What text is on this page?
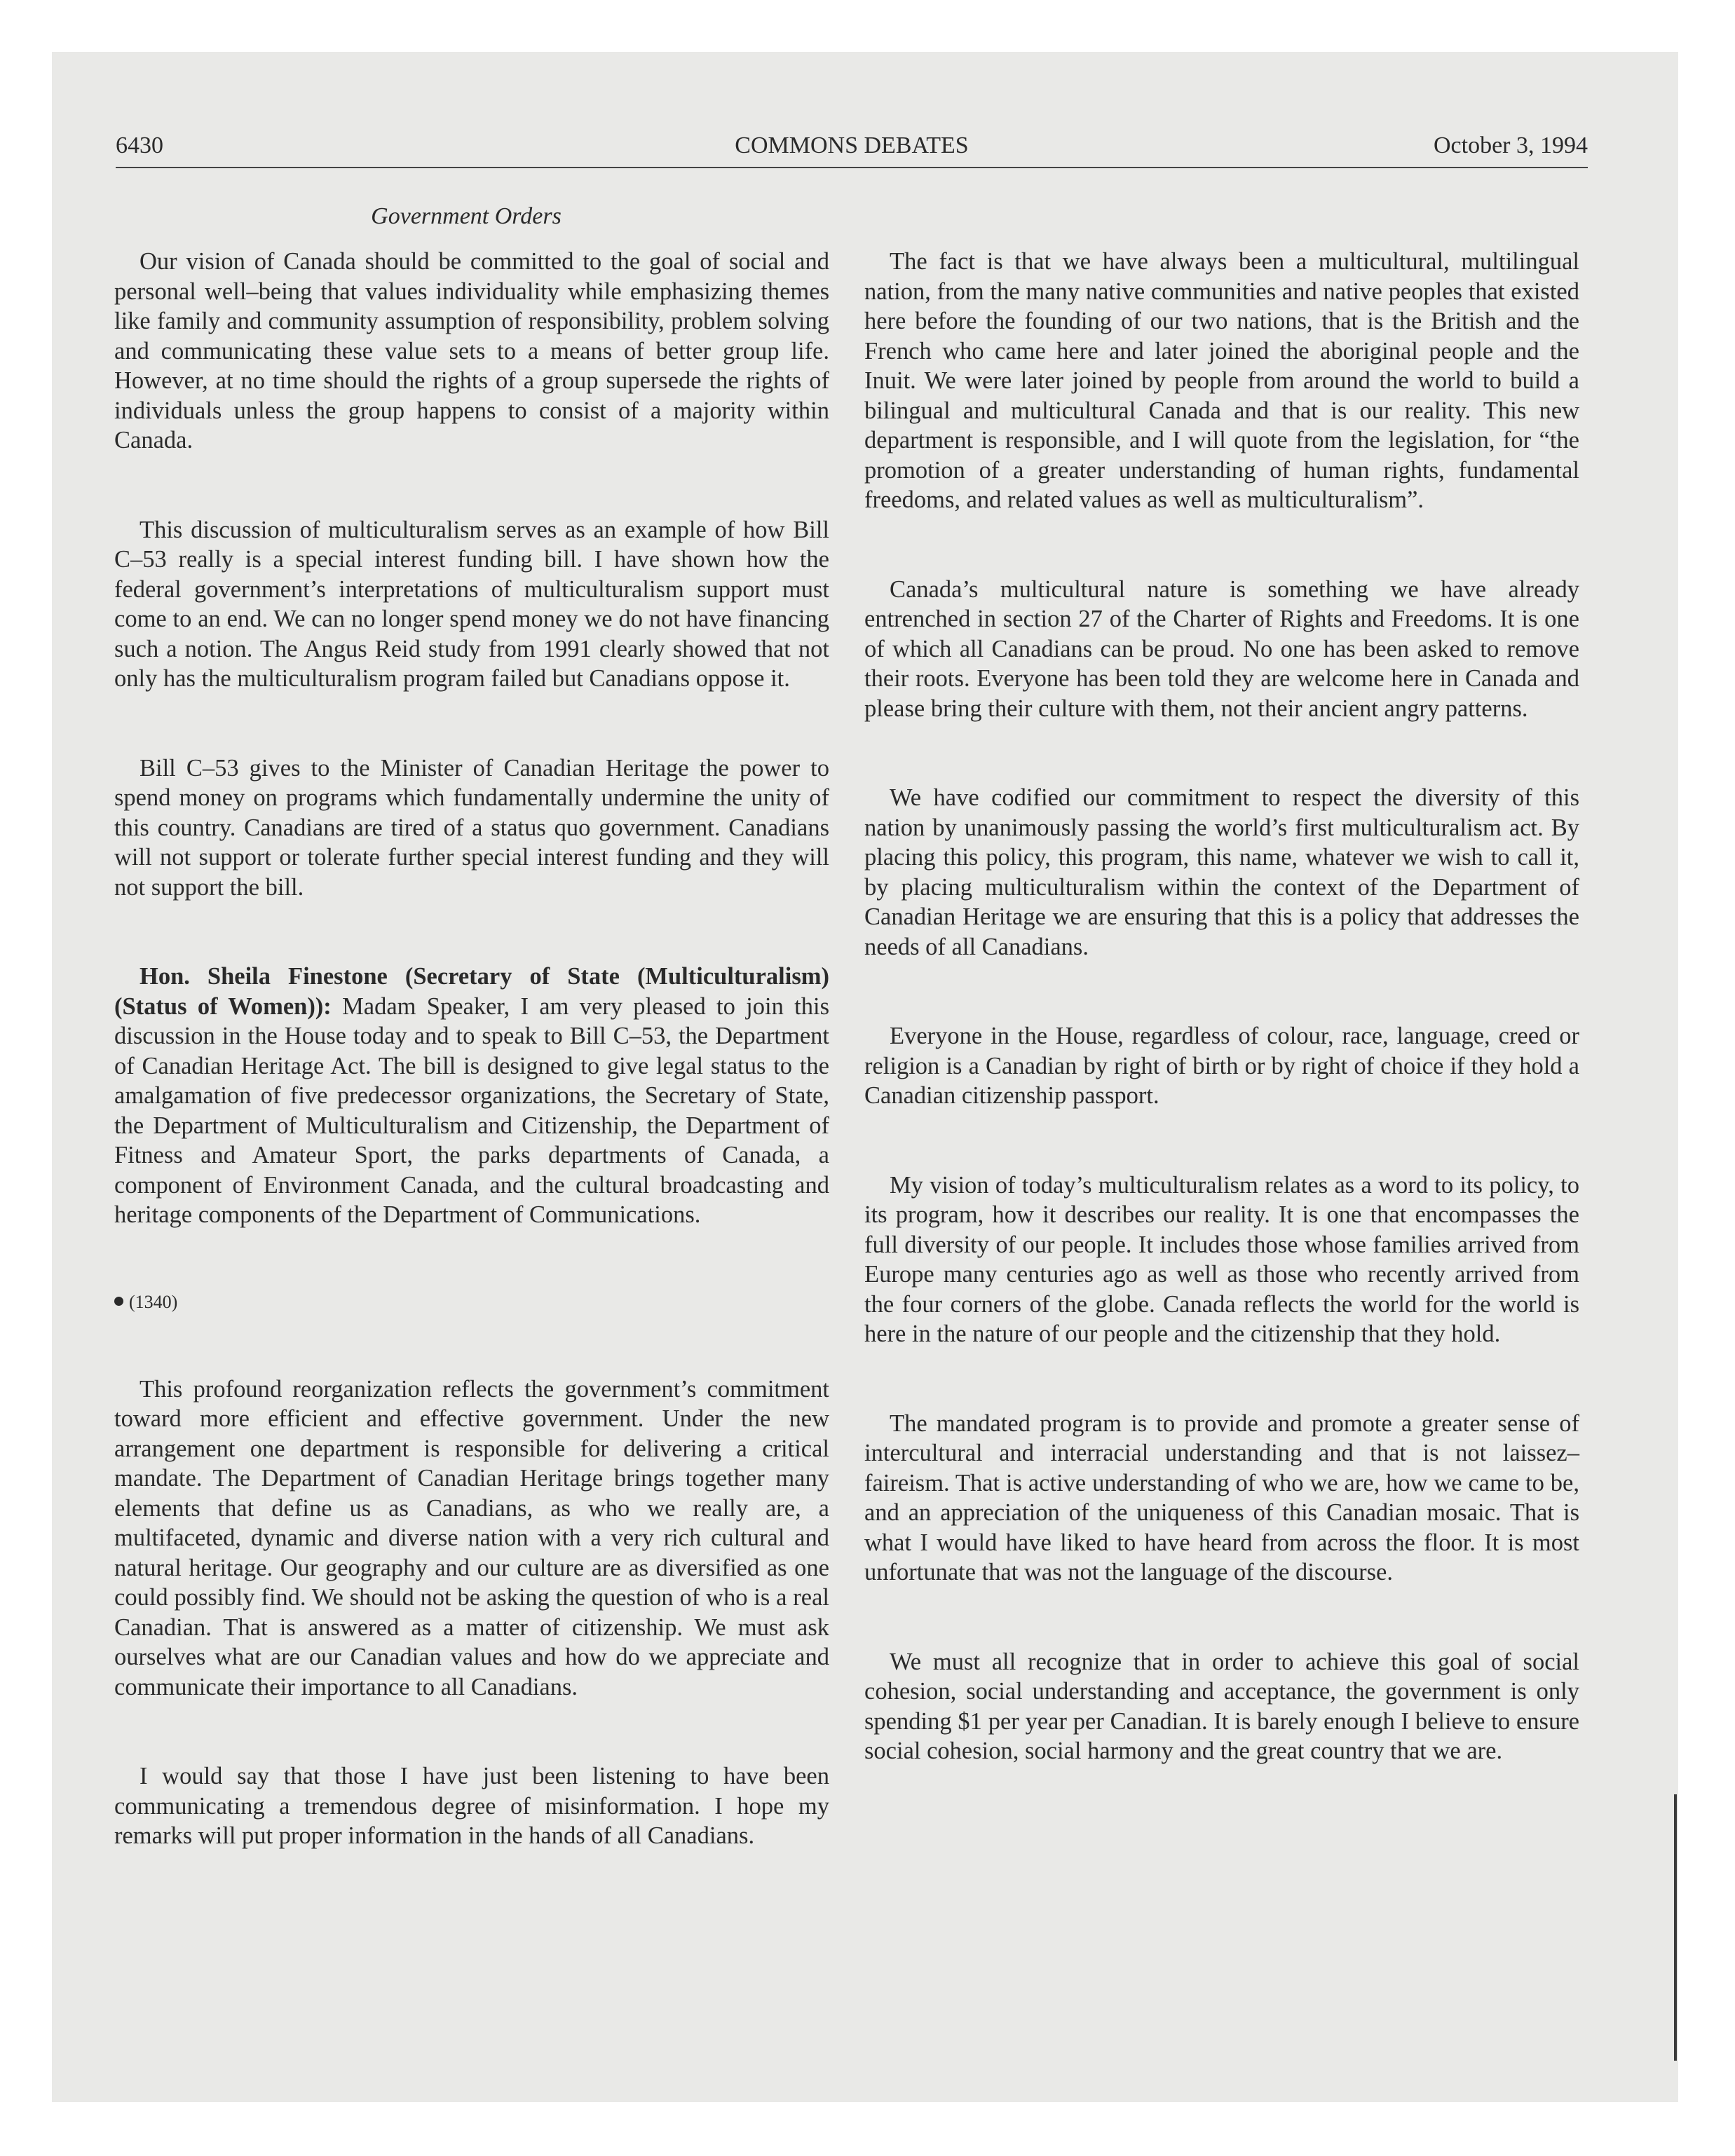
6430	COMMONS DEBATES	October 3, 1994
Government Orders

Our vision of Canada should be committed to the goal of social and personal well–being that values individuality while emphasizing themes like family and community assumption of responsibility, problem solving and communicating these value sets to a means of better group life. However, at no time should the rights of a group supersede the rights of individuals unless the group happens to consist of a majority within Canada.

This discussion of multiculturalism serves as an example of how Bill C–53 really is a special interest funding bill. I have shown how the federal government’s interpretations of multiculturalism support must come to an end. We can no longer spend money we do not have financing such a notion. The Angus Reid study from 1991 clearly showed that not only has the multiculturalism program failed but Canadians oppose it.

Bill C–53 gives to the Minister of Canadian Heritage the power to spend money on programs which fundamentally undermine the unity of this country. Canadians are tired of a status quo government. Canadians will not support or tolerate further special interest funding and they will not support the bill.

Hon. Sheila Finestone (Secretary of State (Multiculturalism) (Status of Women)): Madam Speaker, I am very pleased to join this discussion in the House today and to speak to Bill C–53, the Department of Canadian Heritage Act. The bill is designed to give legal status to the amalgamation of five predecessor organizations, the Secretary of State, the Department of Multiculturalism and Citizenship, the Department of Fitness and Amateur Sport, the parks departments of Canada, a component of Environment Canada, and the cultural broadcasting and heritage components of the Department of Communications.

(1340)

This profound reorganization reflects the government’s commitment toward more efficient and effective government. Under the new arrangement one department is responsible for delivering a critical mandate. The Department of Canadian Heritage brings together many elements that define us as Canadians, as who we really are, a multifaceted, dynamic and diverse nation with a very rich cultural and natural heritage. Our geography and our culture are as diversified as one could possibly find. We should not be asking the question of who is a real Canadian. That is answered as a matter of citizenship. We must ask ourselves what are our Canadian values and how do we appreciate and communicate their importance to all Canadians.

I would say that those I have just been listening to have been communicating a tremendous degree of misinformation. I hope my remarks will put proper information in the hands of all Canadians.

The fact is that we have always been a multicultural, multilingual nation, from the many native communities and native peoples that existed here before the founding of our two nations, that is the British and the French who came here and later joined the aboriginal people and the Inuit. We were later joined by people from around the world to build a bilingual and multicultural Canada and that is our reality. This new department is responsible, and I will quote from the legislation, for “the promotion of a greater understanding of human rights, fundamental freedoms, and related values as well as multiculturalism”.

Canada’s multicultural nature is something we have already entrenched in section 27 of the Charter of Rights and Freedoms. It is one of which all Canadians can be proud. No one has been asked to remove their roots. Everyone has been told they are welcome here in Canada and please bring their culture with them, not their ancient angry patterns.

We have codified our commitment to respect the diversity of this nation by unanimously passing the world’s first multiculturalism act. By placing this policy, this program, this name, whatever we wish to call it, by placing multiculturalism within the context of the Department of Canadian Heritage we are ensuring that this is a policy that addresses the needs of all Canadians.

Everyone in the House, regardless of colour, race, language, creed or religion is a Canadian by right of birth or by right of choice if they hold a Canadian citizenship passport.

My vision of today’s multiculturalism relates as a word to its policy, to its program, how it describes our reality. It is one that encompasses the full diversity of our people. It includes those whose families arrived from Europe many centuries ago as well as those who recently arrived from the four corners of the globe. Canada reflects the world for the world is here in the nature of our people and the citizenship that they hold.

The mandated program is to provide and promote a greater sense of intercultural and interracial understanding and that is not laissez–faireism. That is active understanding of who we are, how we came to be, and an appreciation of the uniqueness of this Canadian mosaic. That is what I would have liked to have heard from across the floor. It is most unfortunate that was not the language of the discourse.

We must all recognize that in order to achieve this goal of social cohesion, social understanding and acceptance, the government is only spending $1 per year per Canadian. It is barely enough I believe to ensure social cohesion, social harmony and the great country that we are.
